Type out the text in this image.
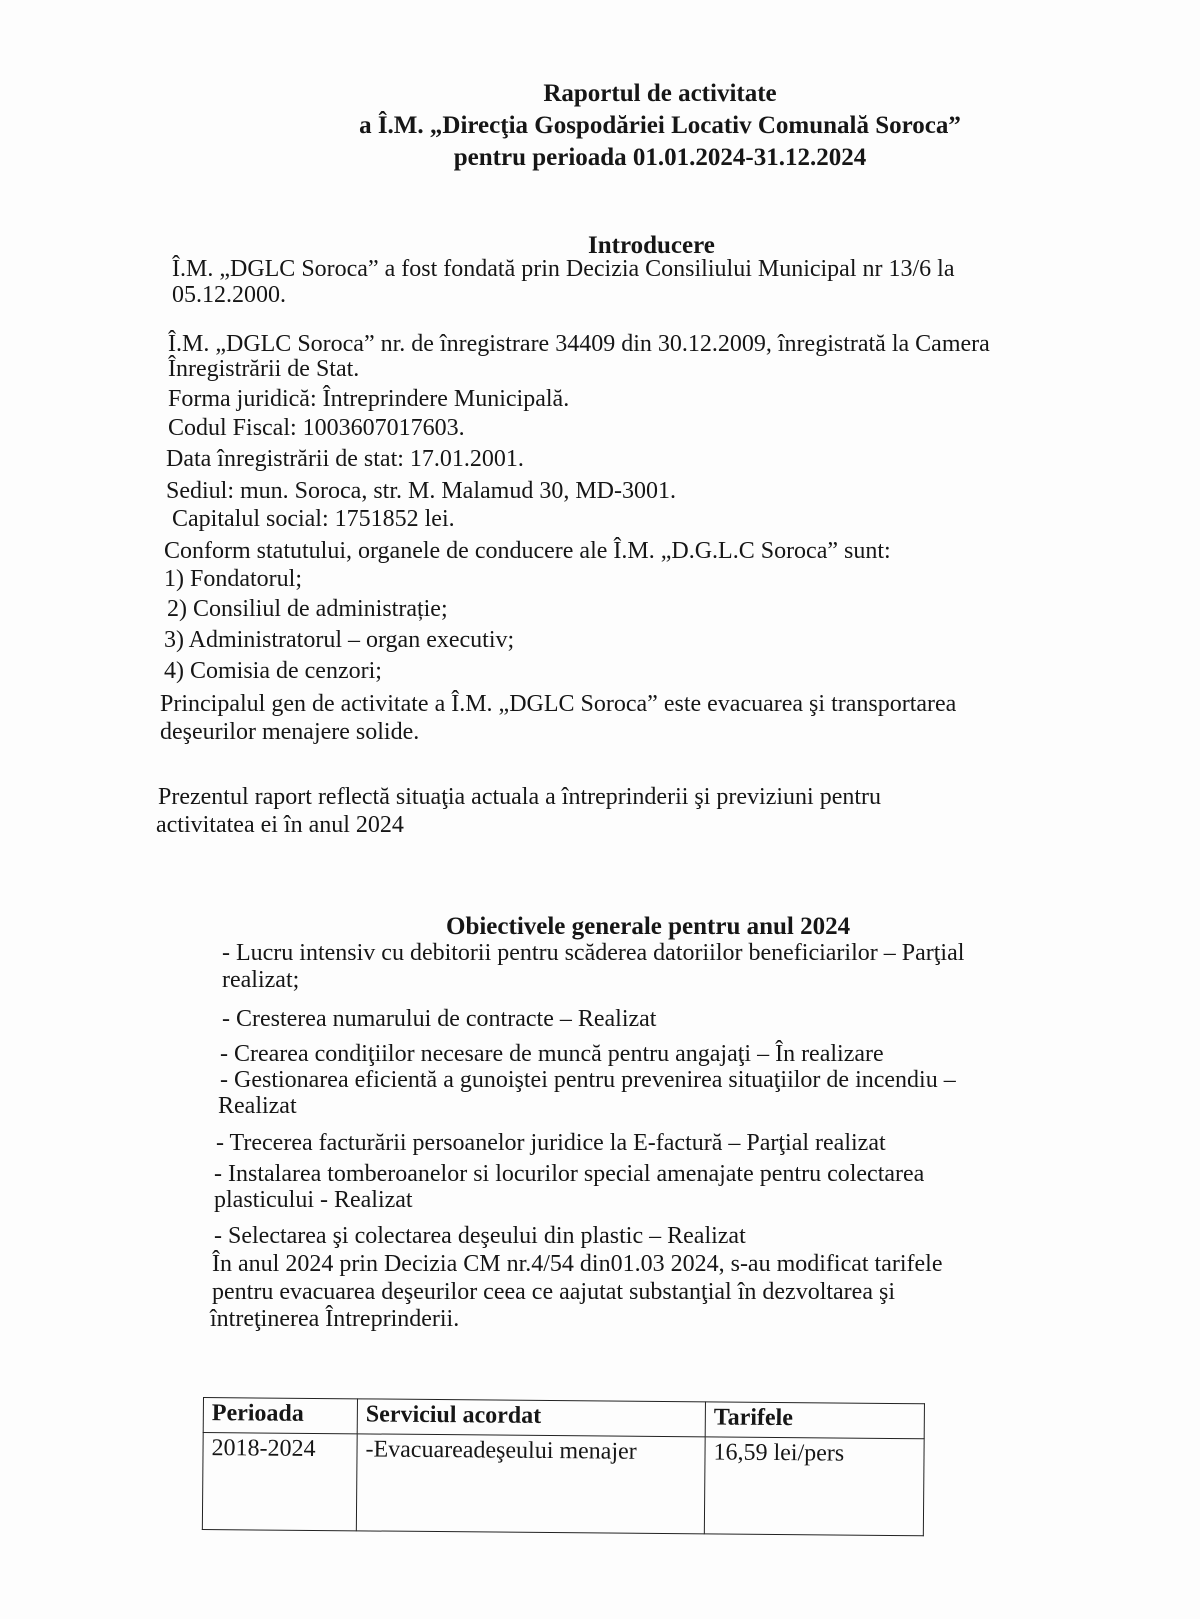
Raportul de activitate
a Î.M. „Direcţia Gospodăriei Locativ Comunală Soroca”
pentru perioada 01.01.2024-31.12.2024
Introducere
Î.M. „DGLC Soroca” a fost fondată prin Decizia Consiliului Municipal nr 13/6 la
05.12.2000.
Î.M. „DGLC Soroca” nr. de înregistrare 34409 din 30.12.2009, înregistrată la Camera
Înregistrării de Stat.
Forma juridică: Întreprindere Municipală.
Codul Fiscal: 1003607017603.
Data înregistrării de stat: 17.01.2001.
Sediul: mun. Soroca, str. M. Malamud 30, MD-3001.
Capitalul social: 1751852 lei.
Conform statutului, organele de conducere ale Î.M. „D.G.L.C Soroca” sunt:
1) Fondatorul;
2) Consiliul de administrație;
3) Administratorul – organ executiv;
4) Comisia de cenzori;
Principalul gen de activitate a Î.M. „DGLC Soroca” este evacuarea şi transportarea
deşeurilor menajere solide.
Prezentul raport reflectă situaţia actuala a întreprinderii şi previziuni pentru
activitatea ei în anul 2024
Obiectivele generale pentru anul 2024
- Lucru intensiv cu debitorii pentru scăderea datoriilor beneficiarilor – Parţial
realizat;
- Cresterea numarului de contracte – Realizat
- Crearea condiţiilor necesare de muncă pentru angajaţi – În realizare
- Gestionarea eficientă a gunoiştei pentru prevenirea situaţiilor de incendiu –
Realizat
- Trecerea facturării persoanelor juridice la E-factură – Parţial realizat
- Instalarea tomberoanelor si locurilor special amenajate pentru colectarea
plasticului - Realizat
- Selectarea şi colectarea deşeului din plastic – Realizat
În anul 2024 prin Decizia CM nr.4/54 din01.03 2024, s-au modificat tarifele
pentru evacuarea deşeurilor ceea ce aajutat substanţial în dezvoltarea şi
întreţinerea Întreprinderii.
Perioada	Serviciul acordat	Tarifele
2018-2024	-Evacuareadeşeului menajer	16,59 lei/pers
